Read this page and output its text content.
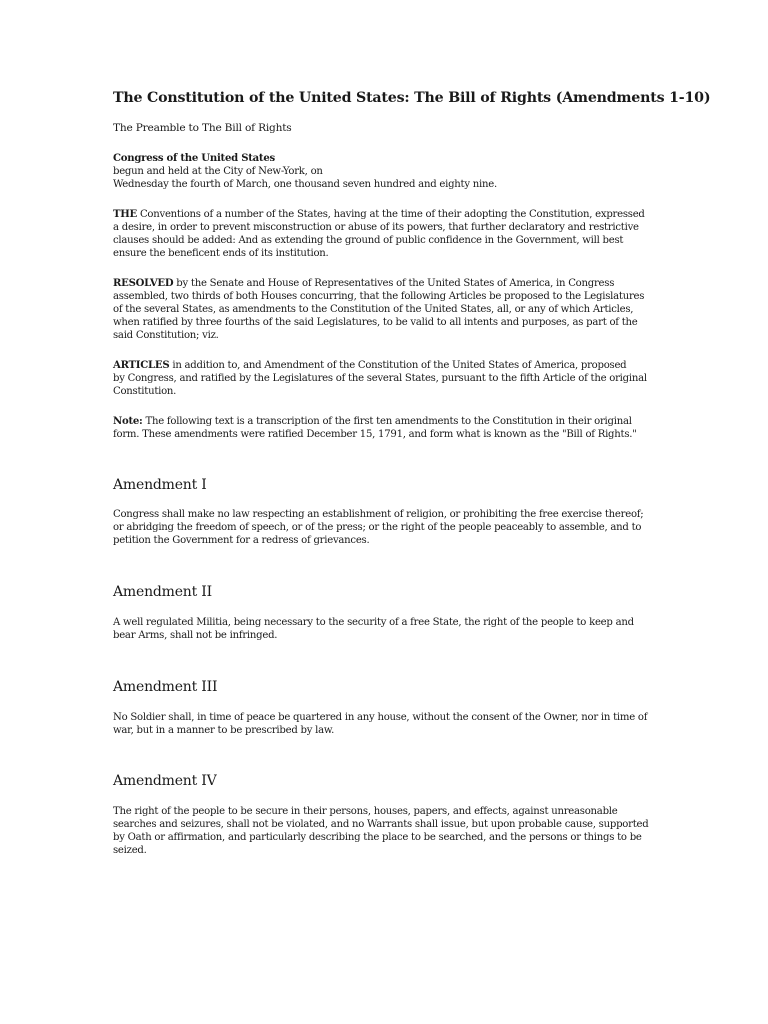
The Constitution of the United States: The Bill of Rights (Amendments 1-10)
The Preamble to The Bill of Rights
Congress of the United States
begun and held at the City of New-York, on
Wednesday the fourth of March, one thousand seven hundred and eighty nine.
THE Conventions of a number of the States, having at the time of their adopting the Constitution, expressed
a desire, in order to prevent misconstruction or abuse of its powers, that further declaratory and restrictive
clauses should be added: And as extending the ground of public confidence in the Government, will best
ensure the beneficent ends of its institution.
RESOLVED by the Senate and House of Representatives of the United States of America, in Congress
assembled, two thirds of both Houses concurring, that the following Articles be proposed to the Legislatures
of the several States, as amendments to the Constitution of the United States, all, or any of which Articles,
when ratified by three fourths of the said Legislatures, to be valid to all intents and purposes, as part of the
said Constitution; viz.
ARTICLES in addition to, and Amendment of the Constitution of the United States of America, proposed
by Congress, and ratified by the Legislatures of the several States, pursuant to the fifth Article of the original
Constitution.
Note: The following text is a transcription of the first ten amendments to the Constitution in their original
form. These amendments were ratified December 15, 1791, and form what is known as the "Bill of Rights."
Amendment I
Congress shall make no law respecting an establishment of religion, or prohibiting the free exercise thereof;
or abridging the freedom of speech, or of the press; or the right of the people peaceably to assemble, and to
petition the Government for a redress of grievances.
Amendment II
A well regulated Militia, being necessary to the security of a free State, the right of the people to keep and
bear Arms, shall not be infringed.
Amendment III
No Soldier shall, in time of peace be quartered in any house, without the consent of the Owner, nor in time of
war, but in a manner to be prescribed by law.
Amendment IV
The right of the people to be secure in their persons, houses, papers, and effects, against unreasonable
searches and seizures, shall not be violated, and no Warrants shall issue, but upon probable cause, supported
by Oath or affirmation, and particularly describing the place to be searched, and the persons or things to be
seized.
